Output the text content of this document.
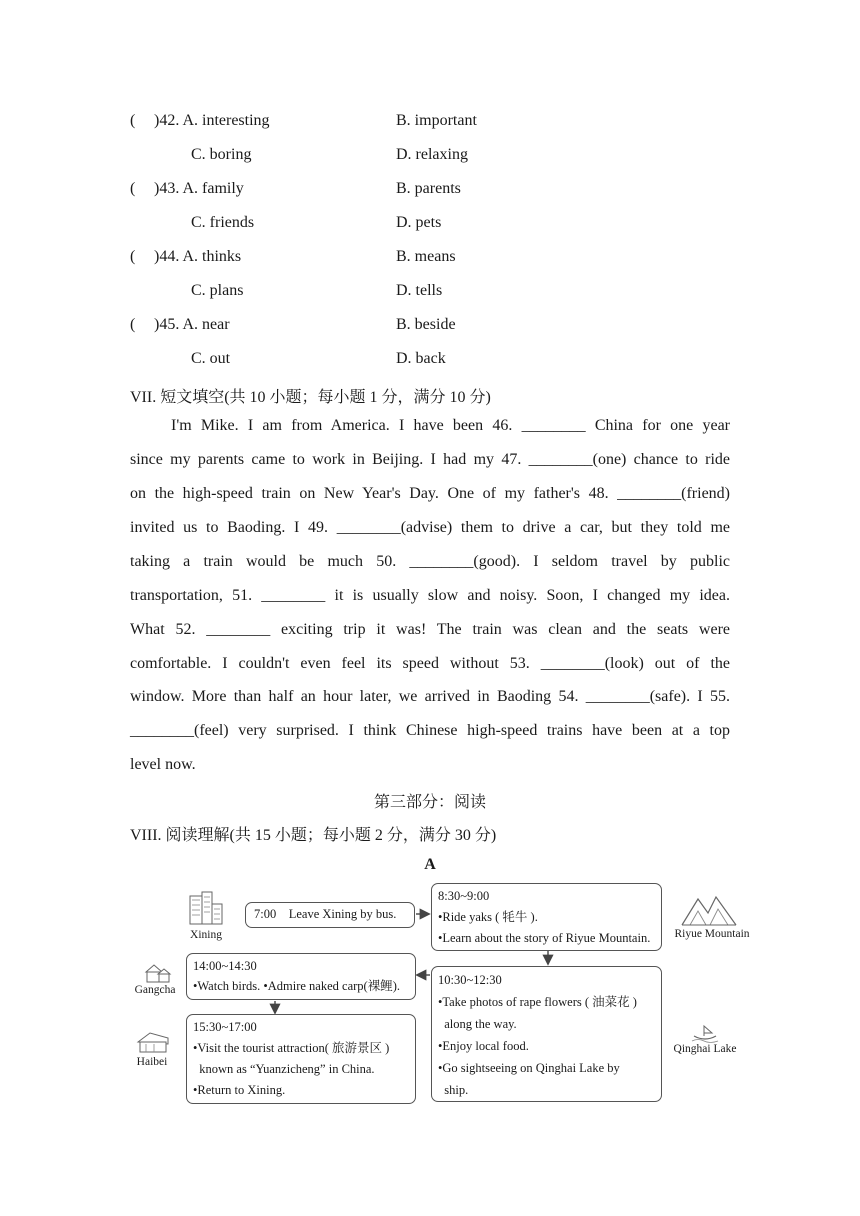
( )42. A. interesting	B. important
C. boring	D. relaxing
( )43. A. family	B. parents
C. friends	D. pets
( )44. A. thinks	B. means
C. plans	D. tells
( )45. A. near	B. beside
C. out	D. back
VII. 短文填空(共 10 小题；每小题 1 分，满分 10 分)
I'm Mike. I am from America. I have been 46. ________ China for one year
since my parents came to work in Beijing. I had my 47. ________(one) chance to ride
on the high-speed train on New Year's Day. One of my father's 48. ________(friend)
invited us to Baoding. I 49. ________(advise) them to drive a car, but they told me
taking a train would be much 50. ________(good). I seldom travel by public
transportation, 51. ________ it is usually slow and noisy. Soon, I changed my idea.
What 52. ________ exciting trip it was! The train was clean and the seats were
comfortable. I couldn't even feel its speed without 53. ________(look) out of the
window. More than half an hour later, we arrived in Baoding 54. ________(safe). I 55.
________(feel) very surprised. I think Chinese high-speed trains have been at a top
level now.
第三部分：阅读
VIII. 阅读理解(共 15 小题；每小题 2 分，满分 30 分)
A
Xining	Riyue Mountain
Gangcha
Haibei
Qinghai Lake
7:00    Leave Xining by bus.
8:30~9:00
•Ride yaks ( 牦牛 ).
•Learn about the story of Riyue Mountain.
10:30~12:30
•Take photos of rape flowers ( 油菜花 )
along the way.
•Enjoy local food.
•Go sightseeing on Qinghai Lake by
ship.
14:00~14:30
•Watch birds. •Admire naked carp(裸鲤).
15:30~17:00
•Visit the tourist attraction( 旅游景区 )
known as “Yuanzicheng” in China.
•Return to Xining.
